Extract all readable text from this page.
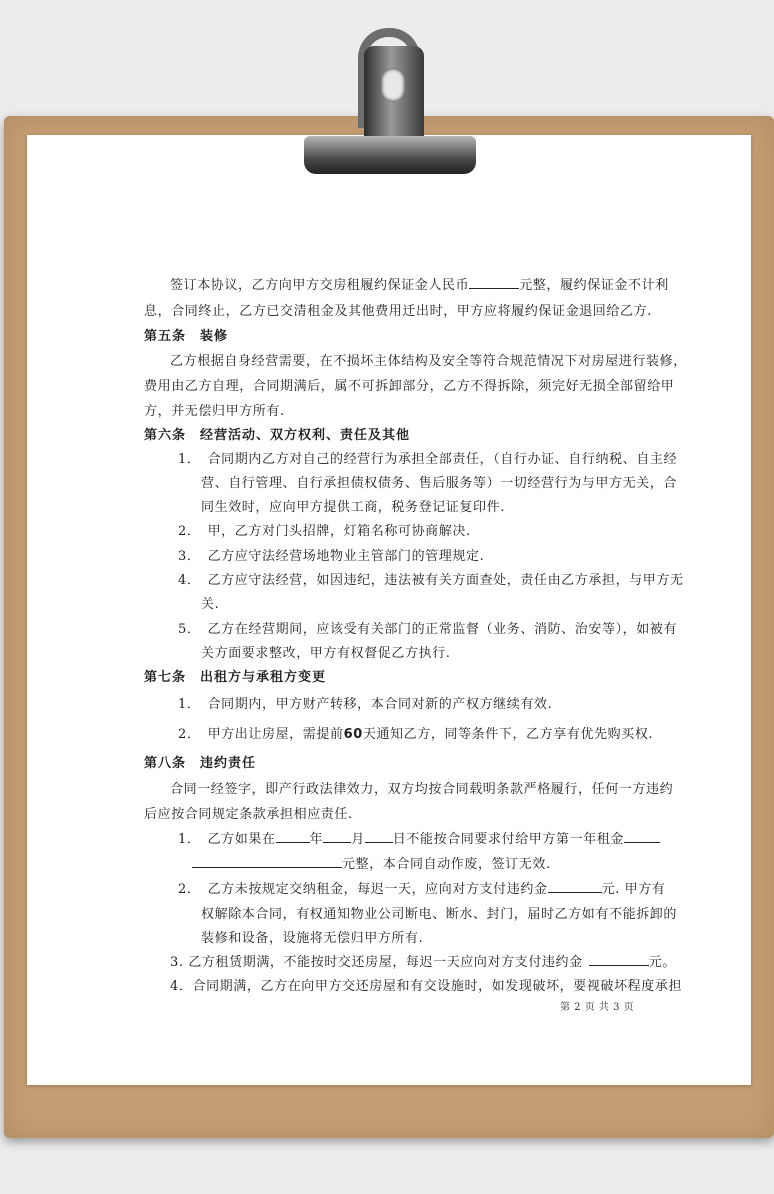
签订本协议，乙方向甲方交房租履约保证金人民币	元整，履约保证金不计利
息，合同终止，乙方已交清租金及其他费用迁出时，甲方应将履约保证金退回给乙方.
第五条　装修
乙方根据自身经营需要，在不损坏主体结构及安全等符合规范情况下对房屋进行装修，
费用由乙方自理，合同期满后，属不可拆卸部分，乙方不得拆除，须完好无损全部留给甲
方，并无偿归甲方所有.
第六条　经营活动、双方权利、责任及其他
1．　合同期内乙方对自己的经营行为承担全部责任，（自行办证、自行纳税、自主经
营、自行管理、自行承担债权债务、售后服务等）一切经营行为与甲方无关，合
同生效时，应向甲方提供工商，税务登记证复印件.
2．　甲，乙方对门头招牌，灯箱名称可协商解决.
3．　乙方应守法经营场地物业主管部门的管理规定.
4．　乙方应守法经营，如因违纪，违法被有关方面查处，责任由乙方承担，与甲方无
关.
5．　乙方在经营期间，应该受有关部门的正常监督（业务、消防、治安等），如被有
关方面要求整改，甲方有权督促乙方执行.
第七条　出租方与承租方变更
1．　合同期内，甲方财产转移，本合同对新的产权方继续有效.
2．　甲方出让房屋，需提前60天通知乙方，同等条件下，乙方享有优先购买权.
第八条　违约责任
合同一经签字，即产行政法律效力，双方均按合同载明条款严格履行，任何一方违约
后应按合同规定条款承担相应责任.
1．　乙方如果在	年 月 日不能按合同要求付给甲方第一年租金
元整，本合同自动作废，签订无效.
2．　乙方未按规定交纳租金，每迟一天，应向对方支付违约金	元. 甲方有
权解除本合同，有权通知物业公司断电、断水、封门，届时乙方如有不能拆卸的
装修和设备，设施将无偿归甲方所有.
3. 乙方租赁期满，不能按时交还房屋，每迟一天应向对方支付违约金	元。
4．合同期满，乙方在向甲方交还房屋和有交设施时，如发现破坏，要视破坏程度承担
第 2 页 共 3 页
